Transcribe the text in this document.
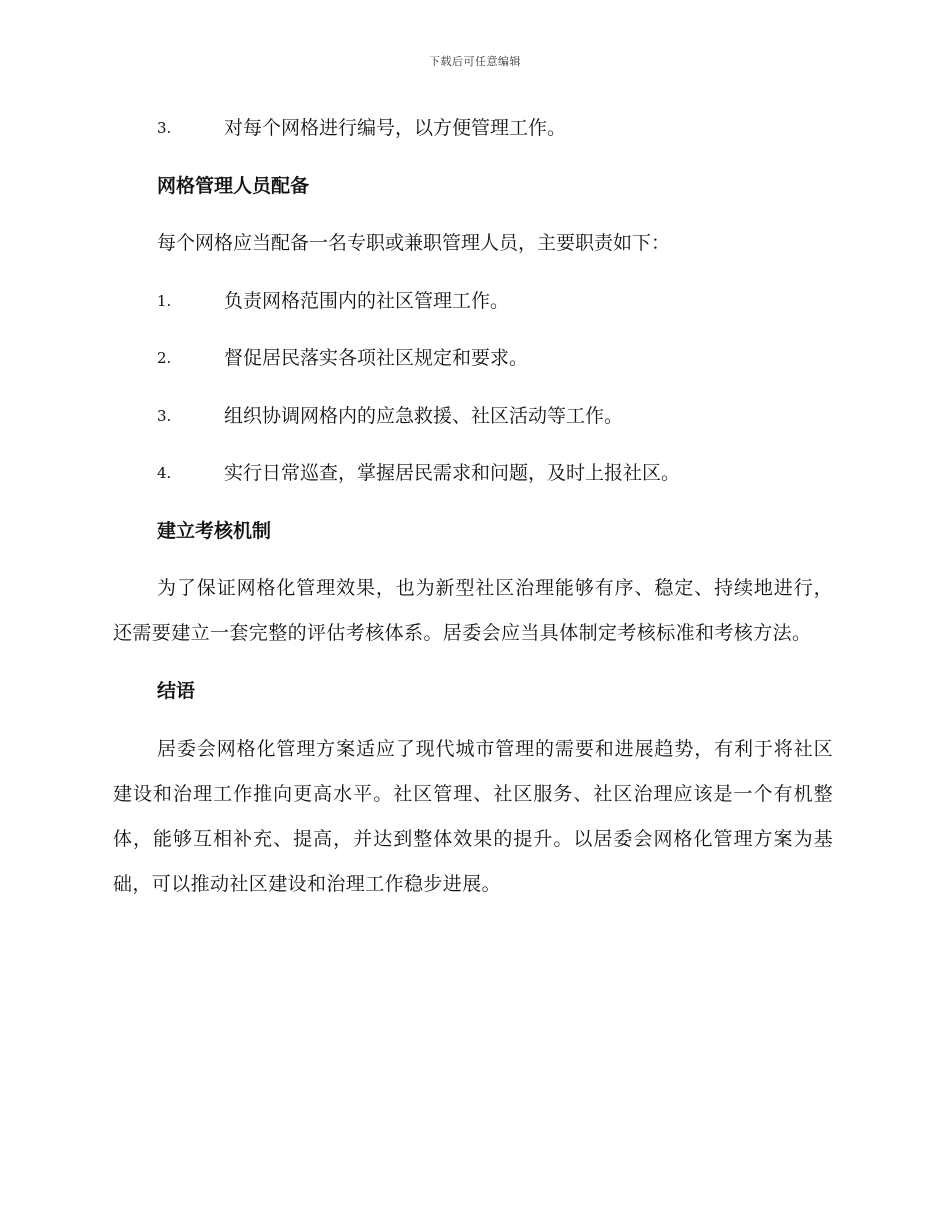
下载后可任意编辑
3.	对每个网格进行编号，以方便管理工作。
网格管理人员配备
每个网格应当配备一名专职或兼职管理人员，主要职责如下：
1.	负责网格范围内的社区管理工作。
2.	督促居民落实各项社区规定和要求。
3.	组织协调网格内的应急救援、社区活动等工作。
4.	实行日常巡查，掌握居民需求和问题，及时上报社区。
建立考核机制
为了保证网格化管理效果，也为新型社区治理能够有序、稳定、持续地进行，还需要建立一套完整的评估考核体系。居委会应当具体制定考核标准和考核方法。
结语
居委会网格化管理方案适应了现代城市管理的需要和进展趋势，有利于将社区建设和治理工作推向更高水平。社区管理、社区服务、社区治理应该是一个有机整体，能够互相补充、提高，并达到整体效果的提升。以居委会网格化管理方案为基础，可以推动社区建设和治理工作稳步进展。
